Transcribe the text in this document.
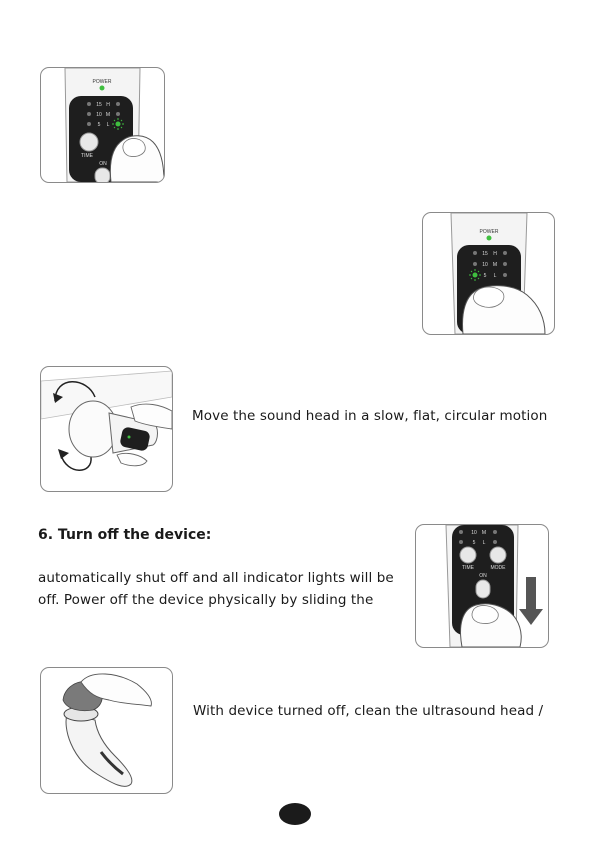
POWER
15 H
10 M
5 L
TIME
ON
POWER
15 H
10 M
5 L
Move the sound head in a slow, flat, circular motion
6. Turn off the device:
automatically shut off and all indicator lights will be
off. Power off the device physically by sliding the
10 M
5 L
TIME	MODE
ON
With device turned off, clean the ultrasound head /
